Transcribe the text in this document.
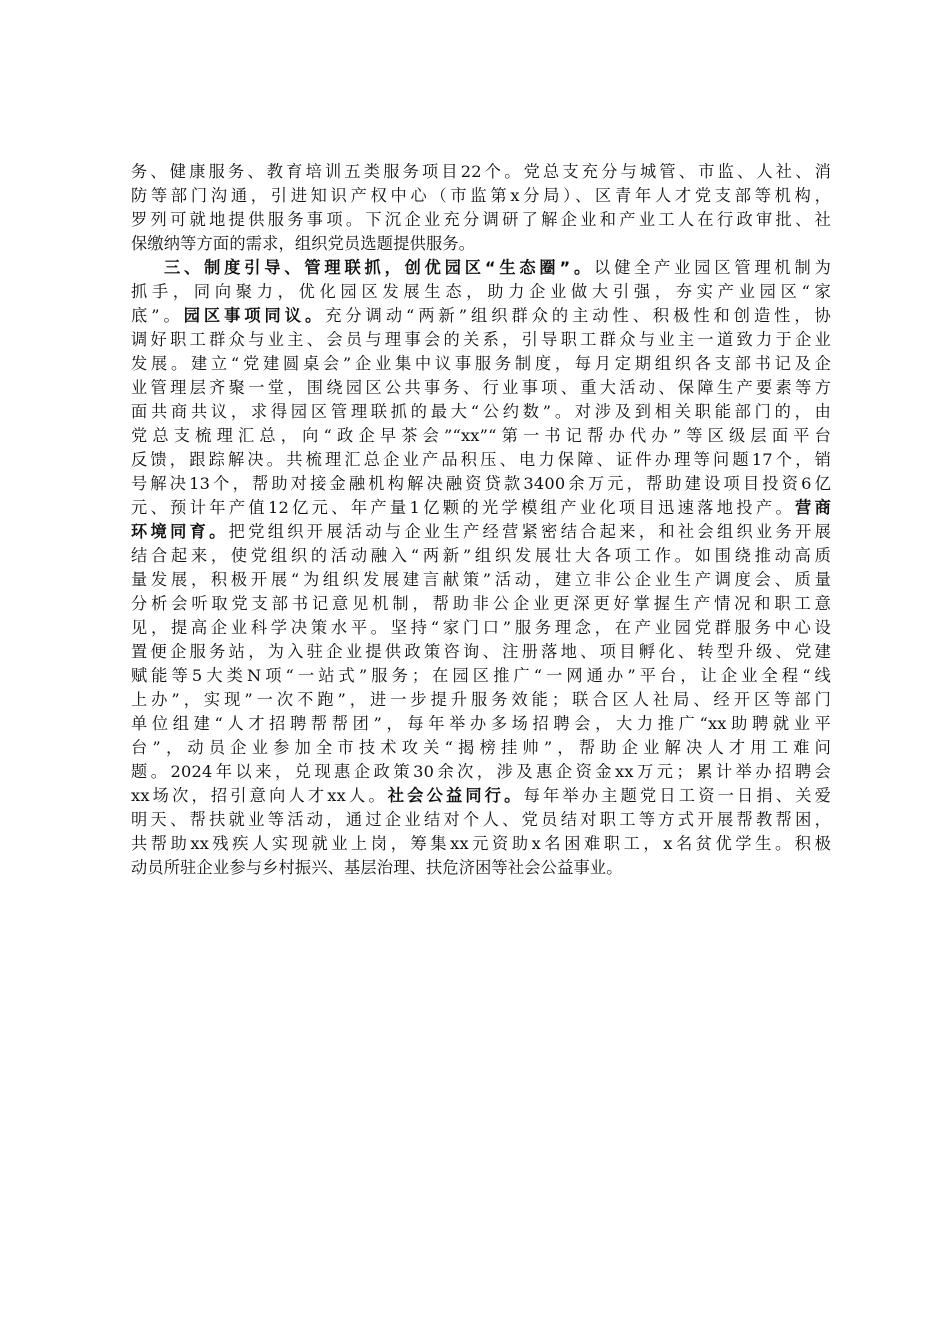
务、健康服务、教育培训五类服务项目22个。党总支充分与城管、市监、人社、消
防等部门沟通，引进知识产权中心（市监第x分局）、区青年人才党支部等机构，
罗列可就地提供服务事项。下沉企业充分调研了解企业和产业工人在行政审批、社
保缴纳等方面的需求，组织党员选题提供服务。
三、制度引导、管理联抓，创优园区“生态圈”。以健全产业园区管理机制为
抓手，同向聚力，优化园区发展生态，助力企业做大引强，夯实产业园区“家
底”。园区事项同议。充分调动“两新”组织群众的主动性、积极性和创造性，协
调好职工群众与业主、会员与理事会的关系，引导职工群众与业主一道致力于企业
发展。建立“党建圆桌会”企业集中议事服务制度，每月定期组织各支部书记及企
业管理层齐聚一堂，围绕园区公共事务、行业事项、重大活动、保障生产要素等方
面共商共议，求得园区管理联抓的最大“公约数”。对涉及到相关职能部门的，由
党总支梳理汇总，向“政企早茶会”“xx”“第一书记帮办代办”等区级层面平台
反馈，跟踪解决。共梳理汇总企业产品积压、电力保障、证件办理等问题17个，销
号解决13个，帮助对接金融机构解决融资贷款3400余万元，帮助建设项目投资6亿
元、预计年产值12亿元、年产量1亿颗的光学模组产业化项目迅速落地投产。营商
环境同育。把党组织开展活动与企业生产经营紧密结合起来，和社会组织业务开展
结合起来，使党组织的活动融入“两新”组织发展壮大各项工作。如围绕推动高质
量发展，积极开展“为组织发展建言献策”活动，建立非公企业生产调度会、质量
分析会听取党支部书记意见机制，帮助非公企业更深更好掌握生产情况和职工意
见，提高企业科学决策水平。坚持“家门口”服务理念，在产业园党群服务中心设
置便企服务站，为入驻企业提供政策咨询、注册落地、项目孵化、转型升级、党建
赋能等5大类N项“一站式”服务；在园区推广“一网通办”平台，让企业全程“线
上办”，实现”一次不跑”，进一步提升服务效能；联合区人社局、经开区等部门
单位组建“人才招聘帮帮团”，每年举办多场招聘会，大力推广“xx助聘就业平
台”，动员企业参加全市技术攻关“揭榜挂帅”，帮助企业解决人才用工难问
题。2024年以来，兑现惠企政策30余次，涉及惠企资金xx万元；累计举办招聘会
xx场次，招引意向人才xx人。社会公益同行。每年举办主题党日工资一日捐、关爱
明天、帮扶就业等活动，通过企业结对个人、党员结对职工等方式开展帮教帮困，
共帮助xx残疾人实现就业上岗，筹集xx元资助x名困难职工，x名贫优学生。积极
动员所驻企业参与乡村振兴、基层治理、扶危济困等社会公益事业。
